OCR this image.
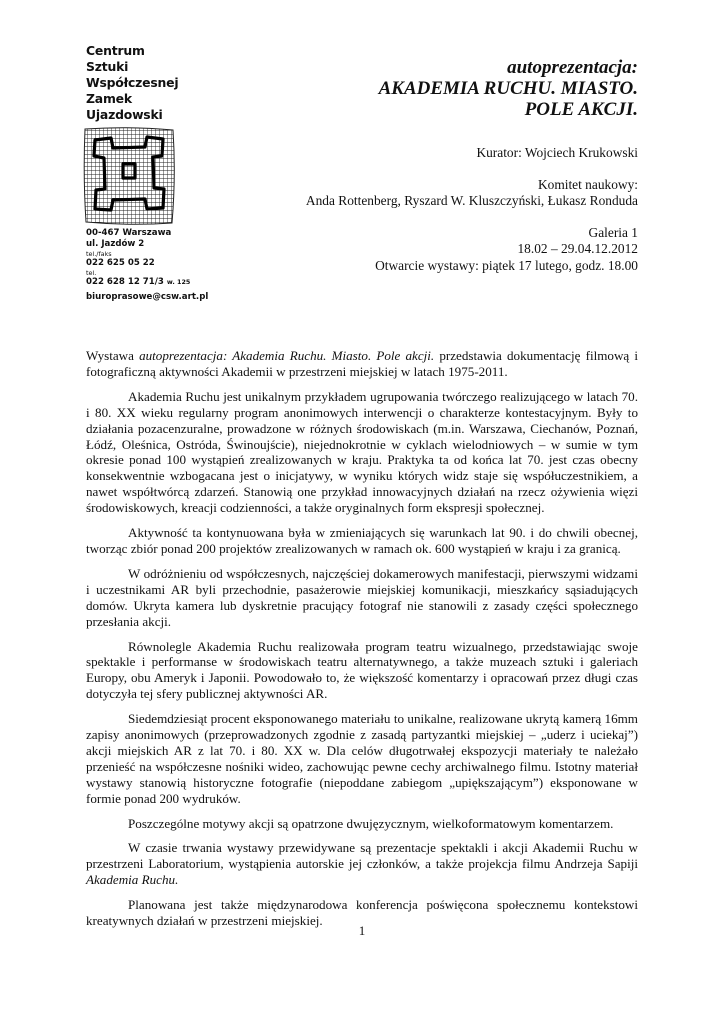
Centrum
Sztuki
Współczesnej
Zamek
Ujazdowski
00-467 Warszawa
ul. Jazdów 2
tel./faks
022 625 05 22
tel.
022 628 12 71/3 w. 125
biuroprasowe@csw.art.pl
autoprezentacja:
AKADEMIA RUCHU. MIASTO.
POLE AKCJI.
Kurator: Wojciech Krukowski
Komitet naukowy:
Anda Rottenberg, Ryszard W. Kluszczyński, Łukasz Ronduda
Galeria 1
18.02 – 29.04.12.2012
Otwarcie wystawy: piątek 17 lutego, godz. 18.00

Wystawa autoprezentacja: Akademia Ruchu. Miasto. Pole akcji. przedstawia dokumentację filmową i fotograficzną aktywności Akademii w przestrzeni miejskiej w latach 1975-2011.

Akademia Ruchu jest unikalnym przykładem ugrupowania twórczego realizującego w latach 70. i 80. XX wieku regularny program anonimowych interwencji o charakterze kontestacyjnym. Były to działania pozacenzuralne, prowadzone w różnych środowiskach (m.in. Warszawa, Ciechanów, Poznań, Łódź, Oleśnica, Ostróda, Świnoujście), niejednokrotnie w cyklach wielodniowych – w sumie w tym okresie ponad 100 wystąpień zrealizowanych w kraju. Praktyka ta od końca lat 70. jest czas obecny konsekwentnie wzbogacana jest o inicjatywy, w wyniku których widz staje się współuczestnikiem, a nawet współtwórcą zdarzeń. Stanowią one przykład innowacyjnych działań na rzecz ożywienia więzi środowiskowych, kreacji codzienności, a także oryginalnych form ekspresji społecznej.

Aktywność ta kontynuowana była w zmieniających się warunkach lat 90. i do chwili obecnej, tworząc zbiór ponad 200 projektów zrealizowanych w ramach ok. 600 wystąpień w kraju i za granicą.

W odróżnieniu od współczesnych, najczęściej dokamerowych manifestacji, pierwszymi widzami i uczestnikami AR byli przechodnie, pasażerowie miejskiej komunikacji, mieszkańcy sąsiadujących domów. Ukryta kamera lub dyskretnie pracujący fotograf nie stanowili z zasady części społecznego przesłania akcji.

Równolegle Akademia Ruchu realizowała program teatru wizualnego, przedstawiając swoje spektakle i performanse w środowiskach teatru alternatywnego, a także muzeach sztuki i galeriach Europy, obu Ameryk i Japonii. Powodowało to, że większość komentarzy i opracowań przez długi czas dotyczyła tej sfery publicznej aktywności AR.

Siedemdziesiąt procent eksponowanego materiału to unikalne, realizowane ukrytą kamerą 16mm zapisy anonimowych (przeprowadzonych zgodnie z zasadą partyzantki miejskiej – „uderz i uciekaj”) akcji miejskich AR z lat 70. i 80. XX w. Dla celów długotrwałej ekspozycji materiały te należało przenieść na współczesne nośniki wideo, zachowując pewne cechy archiwalnego filmu. Istotny materiał wystawy stanowią historyczne fotografie (niepoddane zabiegom „upiększającym”) eksponowane w formie ponad 200 wydruków.

Poszczególne motywy akcji są opatrzone dwujęzycznym, wielkoformatowym komentarzem.

W czasie trwania wystawy przewidywane są prezentacje spektakli i akcji Akademii Ruchu w przestrzeni Laboratorium, wystąpienia autorskie jej członków, a także projekcja filmu Andrzeja Sapiji Akademia Ruchu.

Planowana jest także międzynarodowa konferencja poświęcona społecznemu kontekstowi kreatywnych działań w przestrzeni miejskiej.

1
